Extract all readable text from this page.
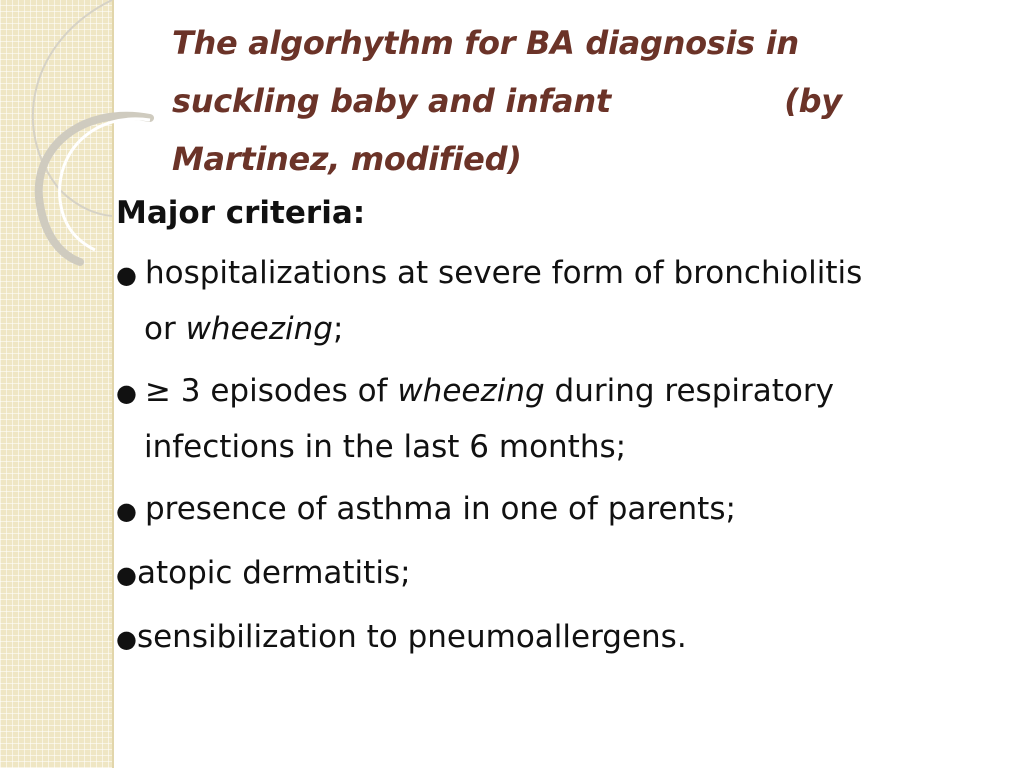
The algorhythm for BA diagnosis in
suckling baby and infant                (by
Martinez, modified)
Major criteria:
● hospitalizations at severe form of bronchiolitis
or wheezing;
● ≥ 3 episodes of wheezing during respiratory
infections in the last 6 months;
● presence of asthma in one of parents;
●atopic dermatitis;
●sensibilization to pneumoallergens.
